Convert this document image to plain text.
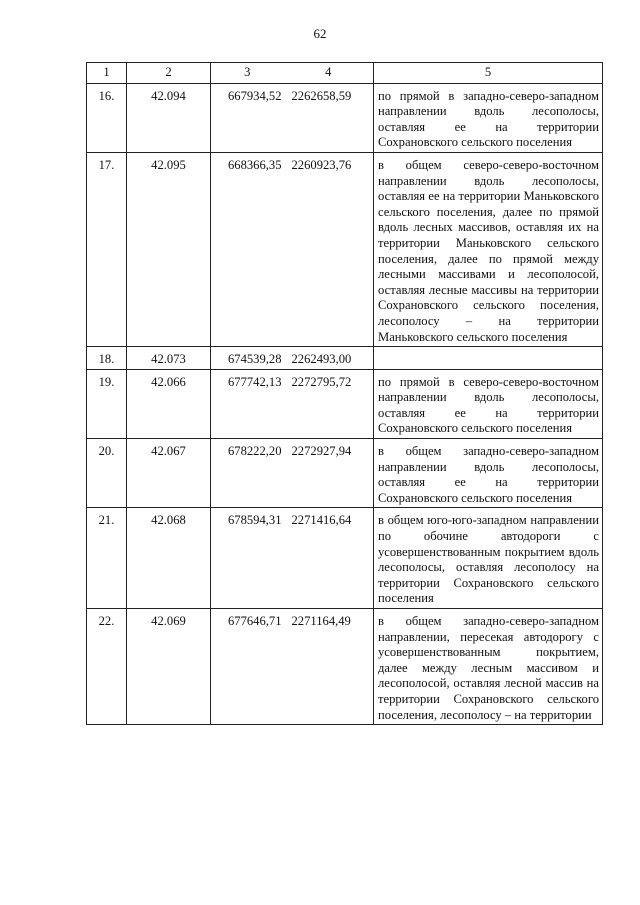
62
1	2	3	4	5
16.	42.094	667934,52	2262658,59	по прямой в западно-северо-западном направлении вдоль лесополосы, оставляя ее на территории Сохрановского сельского поселения
17.	42.095	668366,35	2260923,76	в общем северо-северо-восточном направлении вдоль лесополосы, оставляя ее на территории Маньковского сельского поселения, далее по прямой вдоль лесных массивов, оставляя их на территории Маньковского сельского поселения, далее по прямой между лесными массивами и лесополосой, оставляя лесные массивы на территории Сохрановского сельского поселения, лесополосу – на территории Маньковского сельского поселения
18.	42.073	674539,28	2262493,00	
19.	42.066	677742,13	2272795,72	по прямой в северо-северо-восточном направлении вдоль лесополосы, оставляя ее на территории Сохрановского сельского поселения
20.	42.067	678222,20	2272927,94	в общем западно-северо-западном направлении вдоль лесополосы, оставляя ее на территории Сохрановского сельского поселения
21.	42.068	678594,31	2271416,64	в общем юго-юго-западном направлении по обочине автодороги с усовершенствованным покрытием вдоль лесополосы, оставляя лесополосу на территории Сохрановского сельского поселения
22.	42.069	677646,71	2271164,49	в общем западно-северо-западном направлении, пересекая автодорогу с усовершенствованным покрытием, далее между лесным массивом и лесополосой, оставляя лесной массив на территории Сохрановского сельского поселения, лесополосу – на территории
